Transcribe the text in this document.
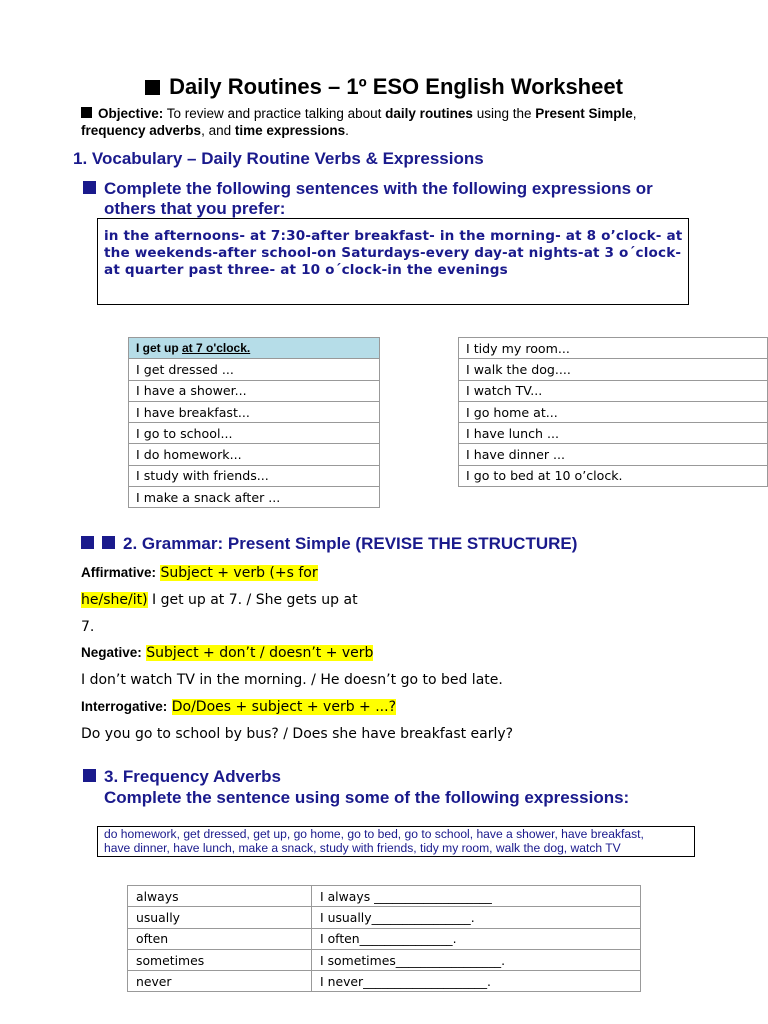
Daily Routines – 1º ESO English Worksheet
Objective: To review and practice talking about daily routines using the Present Simple, frequency adverbs, and time expressions.
1. Vocabulary – Daily Routine Verbs & Expressions
Complete the following sentences with the following expressions or
others that you prefer:
in the afternoons- at 7:30-after breakfast- in the morning- at 8 o’clock- at the weekends-after school-on Saturdays-every day-at nights-at 3 o´clock- at quarter past three- at 10 o´clock-in the evenings
I get up at 7 o'clock.
I get dressed ...
I have a shower...
I have breakfast...
I go to school...
I do homework...
I study with friends...
I make a snack after ...
I tidy my room...
I walk the dog....
I watch TV...
I go home at...
I have lunch ...
I have dinner ...
I go to bed at 10 o’clock.
2. Grammar: Present Simple (REVISE THE STRUCTURE)
Affirmative: Subject + verb (+s for
he/she/it) I get up at 7. / She gets up at
7.
Negative: Subject + don’t / doesn’t + verb
I don’t watch TV in the morning. / He doesn’t go to bed late.
Interrogative: Do/Does + subject + verb + ...?
Do you go to school by bus? / Does she have breakfast early?
3. Frequency Adverbs
Complete the sentence using some of the following expressions:
do homework, get dressed, get up, go home, go to bed, go to school, have a shower, have breakfast,
have dinner, have lunch, make a snack, study with friends, tidy my room, walk the dog, watch TV
always	I always ___________________
usually	I usually________________.
often	I often_______________.
sometimes	I sometimes_________________.
never	I never____________________.
